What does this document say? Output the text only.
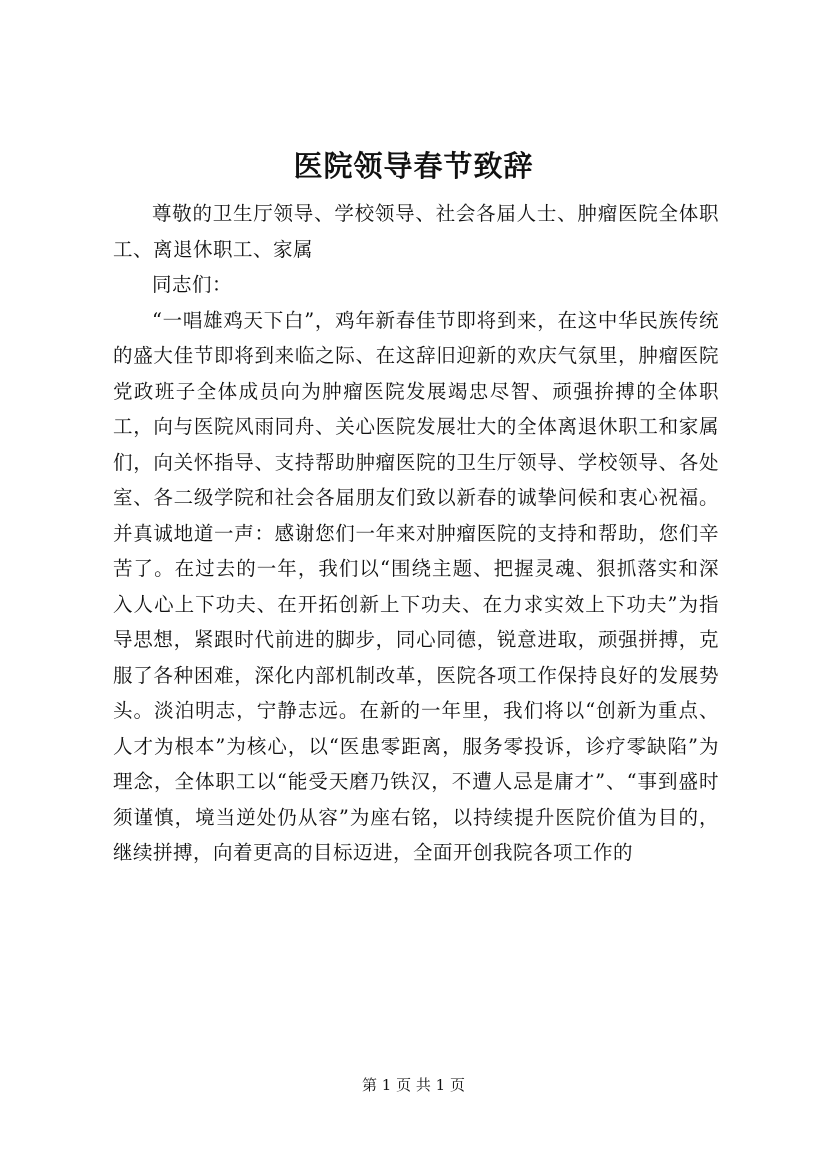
医院领导春节致辞

尊敬的卫生厅领导、学校领导、社会各届人士、肿瘤医院全体职工、离退休职工、家属

同志们：

“一唱雄鸡天下白”，鸡年新春佳节即将到来，在这中华民族传统的盛大佳节即将到来临之际、在这辞旧迎新的欢庆气氛里，肿瘤医院党政班子全体成员向为肿瘤医院发展竭忠尽智、顽强拚搏的全体职工，向与医院风雨同舟、关心医院发展壮大的全体离退休职工和家属们，向关怀指导、支持帮助肿瘤医院的卫生厅领导、学校领导、各处室、各二级学院和社会各届朋友们致以新春的诚挚问候和衷心祝福。并真诚地道一声：感谢您们一年来对肿瘤医院的支持和帮助，您们辛苦了。在过去的一年，我们以“围绕主题、把握灵魂、狠抓落实和深入人心上下功夫、在开拓创新上下功夫、在力求实效上下功夫”为指导思想，紧跟时代前进的脚步，同心同德，锐意进取，顽强拼搏，克服了各种困难，深化内部机制改革，医院各项工作保持良好的发展势头。淡泊明志，宁静志远。在新的一年里，我们将以“创新为重点、人才为根本”为核心，以“医患零距离，服务零投诉，诊疗零缺陷”为理念，全体职工以“能受天磨乃铁汉，不遭人忌是庸才”、“事到盛时须谨慎，境当逆处仍从容”为座右铭，以持续提升医院价值为目的，继续拼搏，向着更高的目标迈进，全面开创我院各项工作的

第 1 页 共 1 页
